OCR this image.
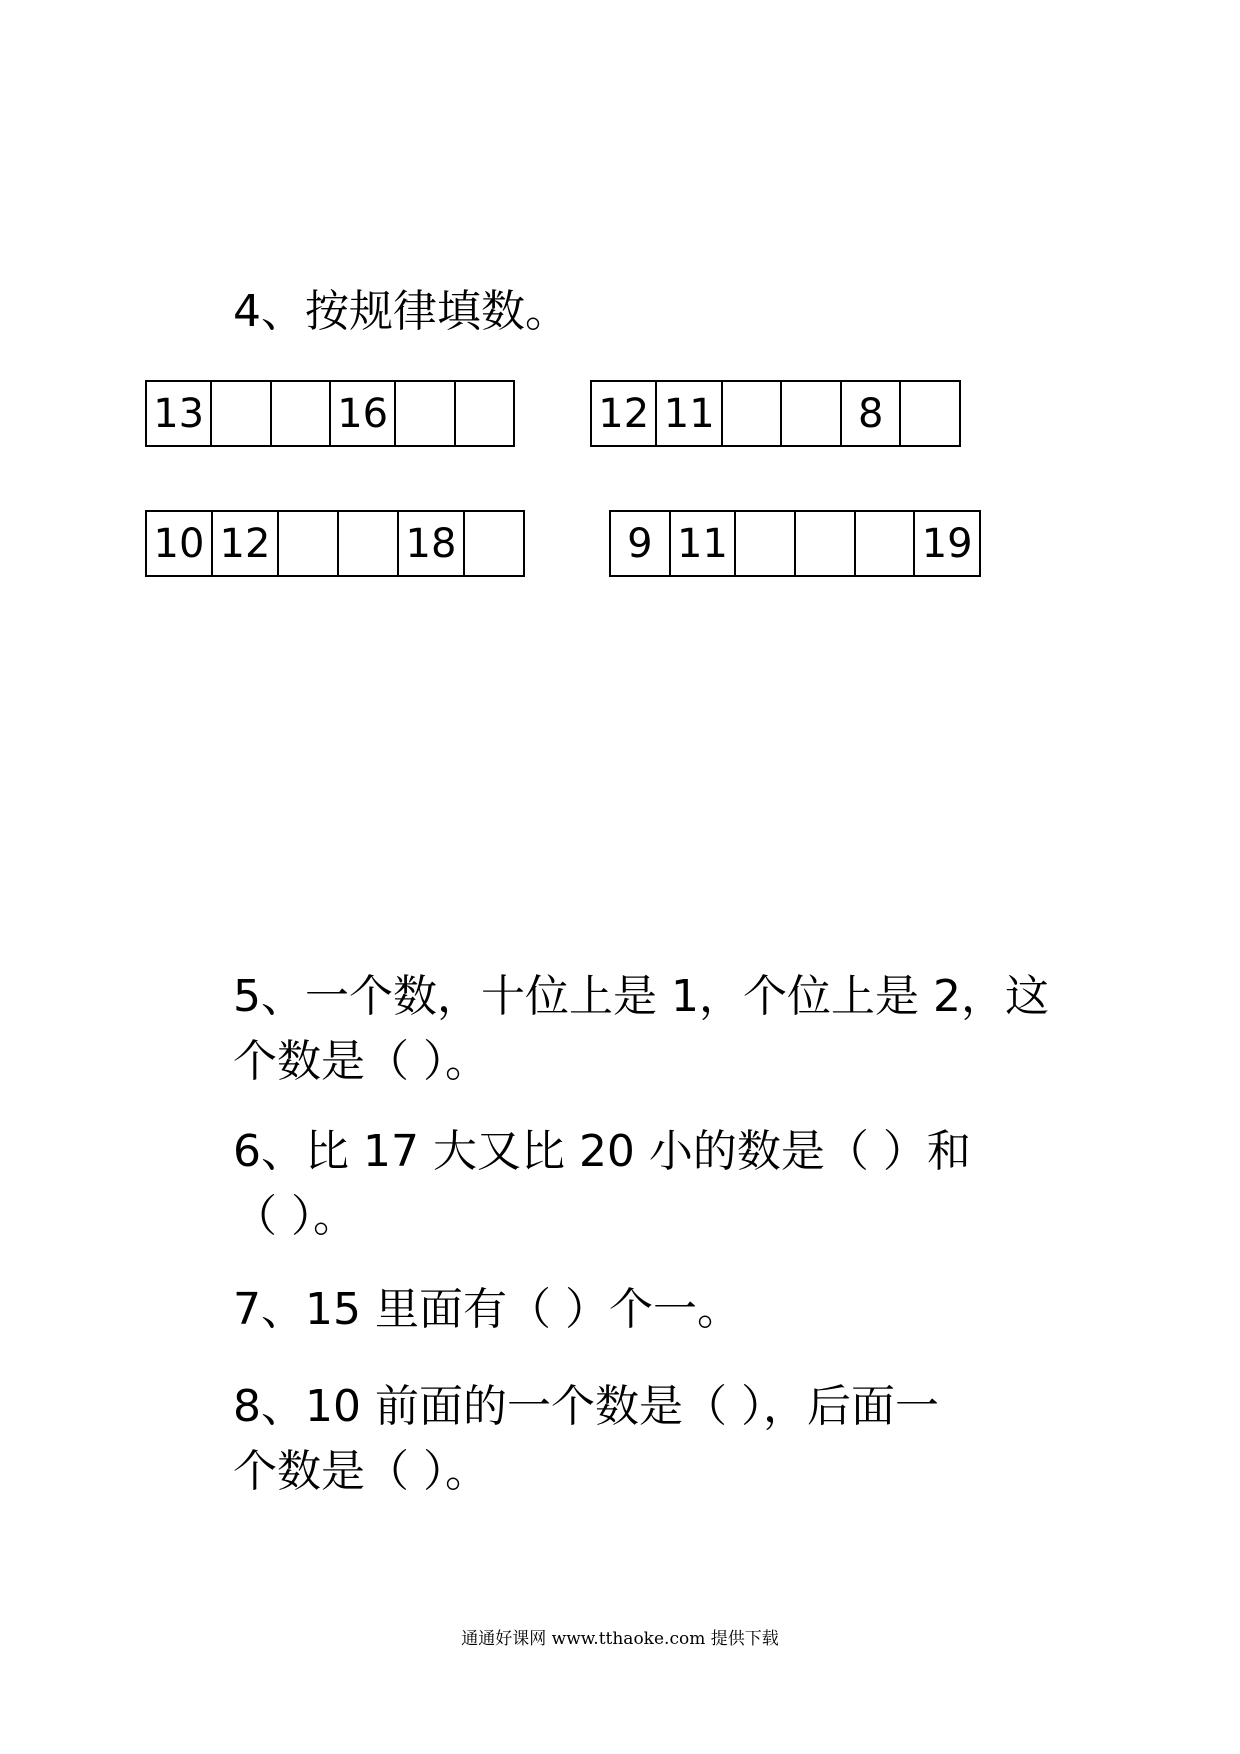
4、按规律填数。
13	16	12 11	8
10 12	18	9 11	19
5、一个数，十位上是 1，个位上是 2，这
个数是（ ）。
6、比 17 大又比 20 小的数是（ ）和
（ ）。
7、15 里面有（ ）个一。
8、10 前面的一个数是（ ），后面一
个数是（ ）。
通通好课网 www.tthaoke.com 提供下载
